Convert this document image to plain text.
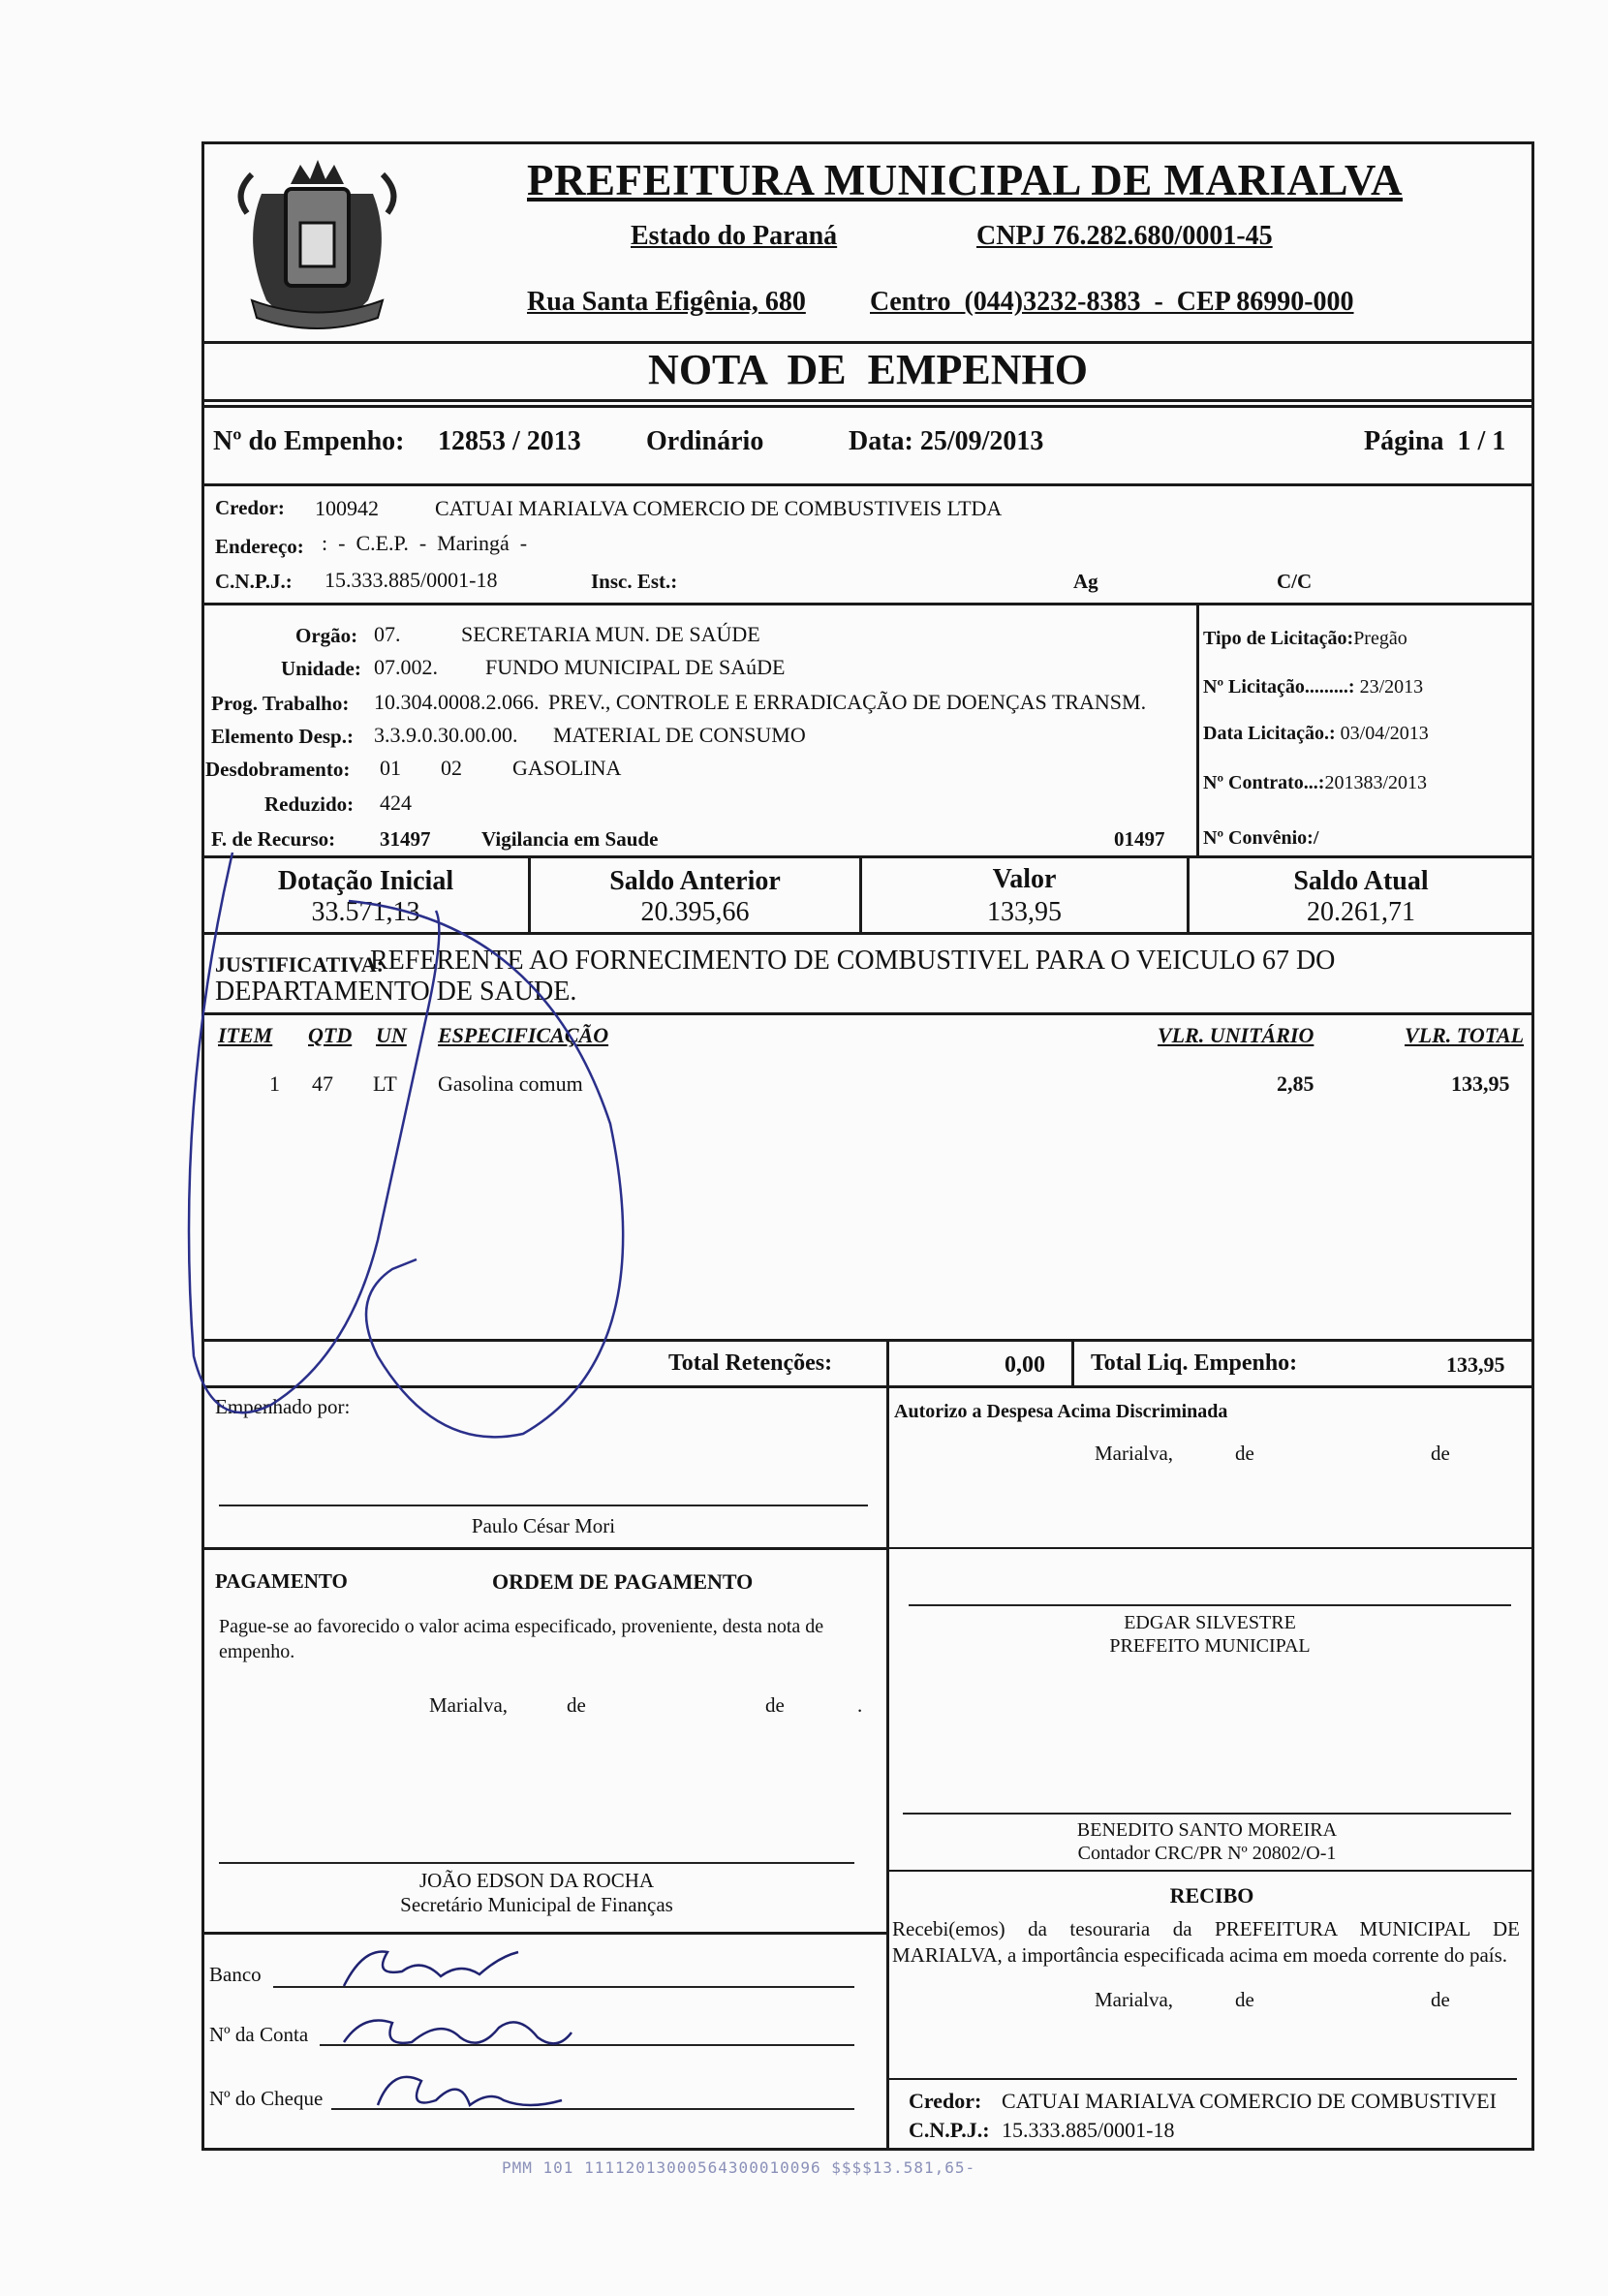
PREFEITURA MUNICIPAL DE MARIALVA
Estado do Paraná	CNPJ 76.282.680/0001-45
Rua Santa Efigênia, 680 Centro  (044)3232-8383  -  CEP 86990-000
NOTA  DE  EMPENHO
Nº do Empenho: 12853 / 2013 Ordinário	Data: 25/09/2013	Página  1 / 1
Credor: 100942	CATUAI MARIALVA COMERCIO DE COMBUSTIVEIS LTDA
Endereço: :  -  C.E.P.  -  Maringá  -
C.N.P.J.: 15.333.885/0001-18	Insc. Est.:	Ag	C/C
Orgão: 07.	SECRETARIA MUN. DE SAÚDE
Unidade: 07.002. FUNDO MUNICIPAL DE SAúDE
Prog. Trabalho: 10.304.0008.2.066. PREV., CONTROLE E ERRADICAÇÃO DE DOENÇAS TRANSM.
Elemento Desp.: 3.3.9.0.30.00.00. MATERIAL DE CONSUMO
Desdobramento: 01 02 GASOLINA
Reduzido: 424
F. de Recurso: 31497	Vigilancia em Saude	01497
Tipo de Licitação:Pregão
Nº Licitação.........: 23/2013
Data Licitação.: 03/04/2013
Nº Contrato...:201383/2013
Nº Convênio:/
Dotação Inicial
33.571,13
Saldo Anterior
20.395,66
Valor
133,95
Saldo Atual
20.261,71
JUSTIFICATIVA:
REFERENTE AO FORNECIMENTO DE COMBUSTIVEL PARA O VEICULO 67 DO
DEPARTAMENTO DE SAUDE.
ITEM QTD UN ESPECIFICAÇÃO	VLR. UNITÁRIO	VLR. TOTAL
1 47 LT Gasolina comum	2,85	133,95
Total Retenções:	0,00 Total Liq. Empenho:	133,95
Empenhado por:
Paulo César Mori
Autorizo a Despesa Acima Discriminada
Marialva,	de	de
PAGAMENTO	ORDEM DE PAGAMENTO
Pague-se ao favorecido o valor acima especificado, proveniente, desta nota de empenho.
Marialva,	de	de	.
EDGAR SILVESTRE
PREFEITO MUNICIPAL
BENEDITO SANTO MOREIRA
Contador CRC/PR Nº 20802/O-1
JOÃO EDSON DA ROCHA
Secretário Municipal de Finanças	RECIBO
Recebi(emos) da tesouraria da PREFEITURA MUNICIPAL DE MARIALVA, a importância especificada acima em moeda corrente do país.
Marialva,	de	de
Credor: CATUAI MARIALVA COMERCIO DE COMBUSTIVEI
C.N.P.J.: 15.333.885/0001-18
Banco
Nº da Conta
Nº do Cheque
PMM 101 11112013000564300010096 $$$$13.581,65-
